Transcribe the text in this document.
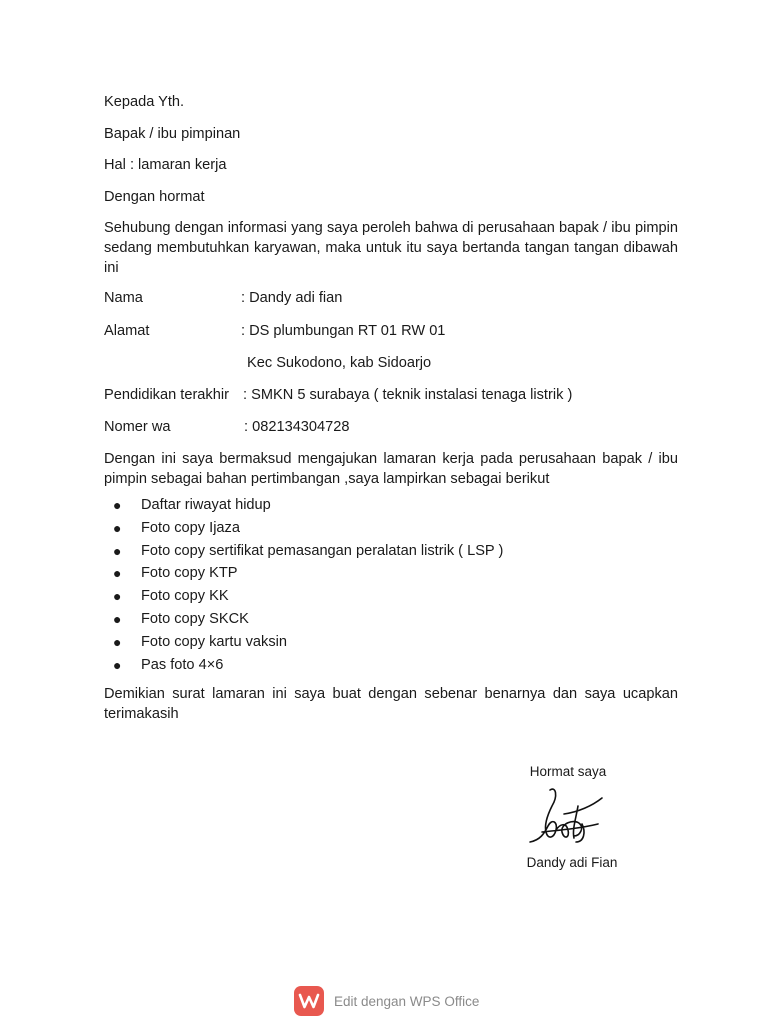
Kepada Yth.
Bapak / ibu pimpinan
Hal : lamaran kerja
Dengan hormat
Sehubung dengan informasi yang saya peroleh bahwa di perusahaan bapak / ibu pimpin sedang membutuhkan karyawan, maka untuk itu saya bertanda tangan tangan dibawah ini
Nama	: Dandy adi fian
Alamat	: DS plumbungan RT 01 RW 01
Kec Sukodono, kab Sidoarjo
Pendidikan terakhir : SMKN 5 surabaya ( teknik instalasi tenaga listrik )
Nomer wa	: 082134304728
Dengan ini saya bermaksud mengajukan lamaran kerja pada perusahaan bapak / ibu pimpin sebagai bahan pertimbangan ,saya lampirkan sebagai berikut
● Daftar riwayat hidup
● Foto copy Ijaza
● Foto copy sertifikat pemasangan peralatan listrik ( LSP )
● Foto copy KTP
● Foto copy KK
● Foto copy SKCK
● Foto copy kartu vaksin
● Pas foto 4×6
Demikian surat lamaran ini saya buat dengan sebenar benarnya dan saya ucapkan terimakasih
Hormat saya
Dandy adi Fian
Edit dengan WPS Office
